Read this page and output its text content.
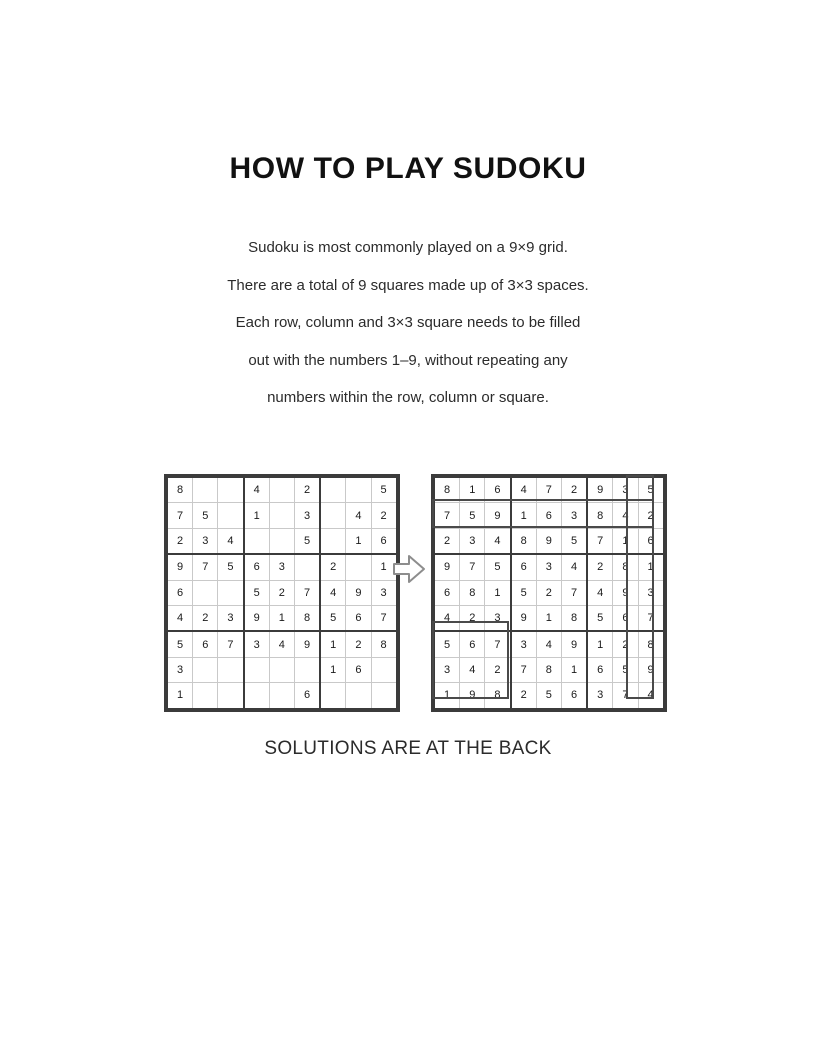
HOW TO PLAY SUDOKU

Sudoku is most commonly played on a 9×9 grid.

There are a total of 9 squares made up of 3×3 spaces.

Each row, column and 3×3 square needs to be filled

out with the numbers 1–9, without repeating any

numbers within the row, column or square.

8			4		2			5
7	5		1		3		4	2
2	3	4			5		1	6
9	7	5	6	3		2		1
6			5	2	7	4	9	3
4	2	3	9	1	8	5	6	7
5	6	7	3	4	9	1	2	8
3						1	6	
1					6			
8	1	6	4	7	2	9	3	5
7	5	9	1	6	3	8	4	2
2	3	4	8	9	5	7	1	6
9	7	5	6	3	4	2	8	1
6	8	1	5	2	7	4	9	3
4	2	3	9	1	8	5	6	7
5	6	7	3	4	9	1	2	8
3	4	2	7	8	1	6	5	9
1	9	8	2	5	6	3	7	4
SOLUTIONS ARE AT THE BACK
